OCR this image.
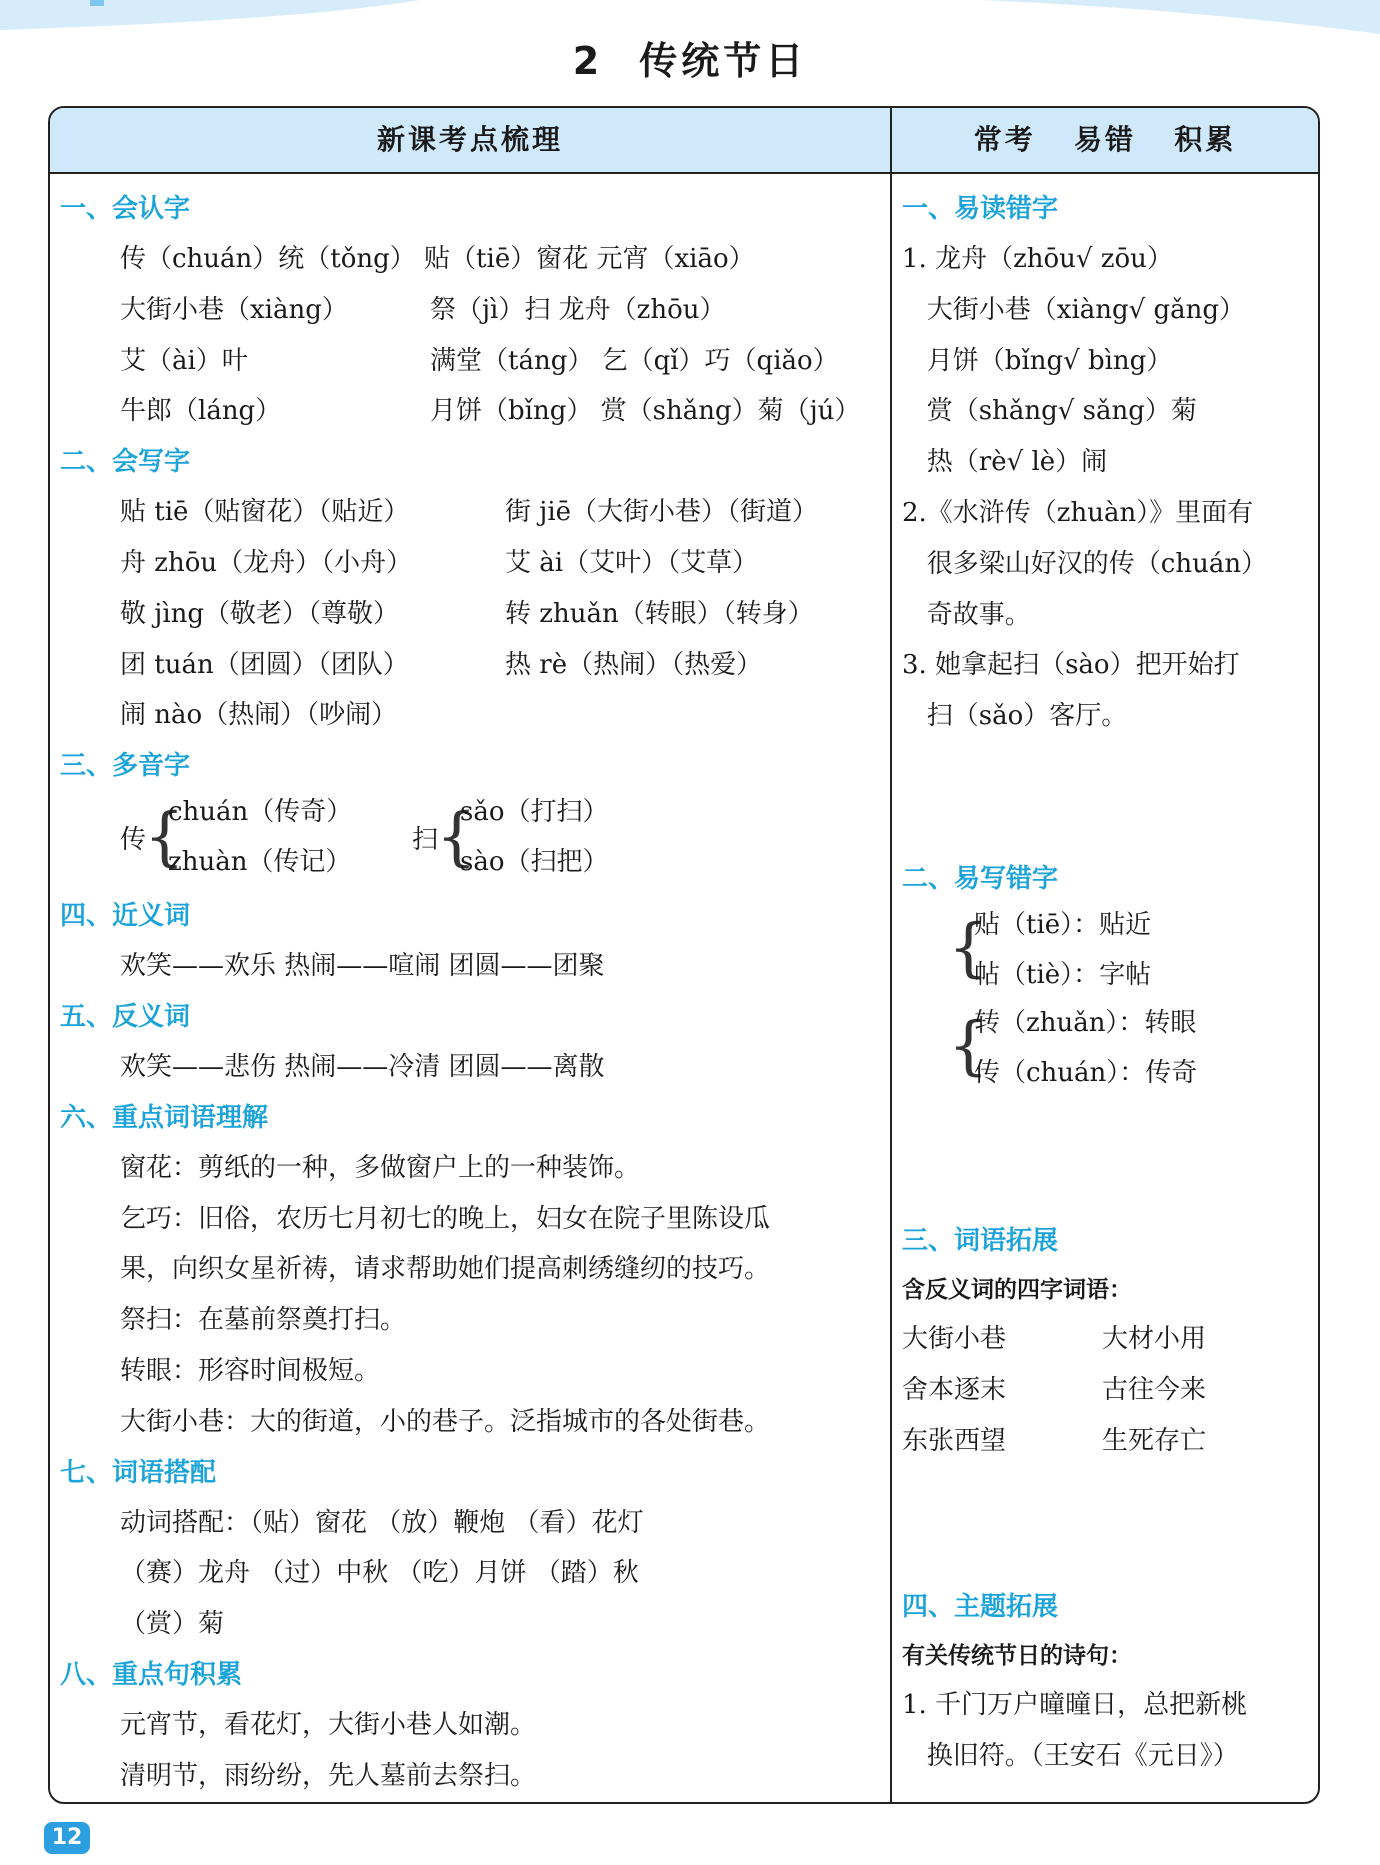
2 传统节日
新课考点梳理
一、会认字
传（chuán）统（tǒng） 贴（tiē）窗花 元宵（xiāo）
大街小巷（xiàng）	祭（jì）扫 龙舟（zhōu）
艾（ài）叶	满堂（táng） 乞（qǐ）巧（qiǎo）
牛郎（láng）	月饼（bǐng） 赏（shǎng）菊（jú）
二、会写字
贴 tiē（贴窗花）（贴近）	街 jiē（大街小巷）（街道）
舟 zhōu（龙舟）（小舟）	艾 ài（艾叶）（艾草）
敬 jìng（敬老）（尊敬）	转 zhuǎn（转眼）（转身）
团 tuán（团圆）（团队）	热 rè（热闹）（热爱）
闹 nào（热闹）（吵闹）
三、多音字
传
{
chuán（传奇）
zhuàn（传记）
扫
{
sǎo（打扫）
sào（扫把）
四、近义词
欢笑——欢乐 热闹——喧闹 团圆——团聚
五、反义词
欢笑——悲伤 热闹——冷清 团圆——离散
六、重点词语理解
窗花：剪纸的一种，多做窗户上的一种装饰。
乞巧：旧俗，农历七月初七的晚上，妇女在院子里陈设瓜
果，向织女星祈祷，请求帮助她们提高刺绣缝纫的技巧。
祭扫：在墓前祭奠打扫。
转眼：形容时间极短。
大街小巷：大的街道，小的巷子。泛指城市的各处街巷。
七、词语搭配
动词搭配：（贴）窗花 （放）鞭炮 （看）花灯
（赛）龙舟 （过）中秋 （吃）月饼 （踏）秋
（赏）菊
八、重点句积累
元宵节，看花灯，大街小巷人如潮。
清明节，雨纷纷，先人墓前去祭扫。
常考   易错   积累
一、易读错字
1. 龙舟（zhōu√ zōu）
大街小巷（xiàng√ gǎng）
月饼（bǐng√ bìng）
赏（shǎng√ sǎng）菊
热（rè√ lè）闹
2.《水浒传（zhuàn）》里面有
很多梁山好汉的传（chuán）
奇故事。
3. 她拿起扫（sào）把开始打
扫（sǎo）客厅。
二、易写错字
{
贴（tiē）：贴近
帖（tiè）：字帖
{
转（zhuǎn）：转眼
传（chuán）：传奇
三、词语拓展
含反义词的四字词语：
大街小巷	大材小用
舍本逐末	古往今来
东张西望	生死存亡
四、主题拓展
有关传统节日的诗句：
1. 千门万户曈曈日，总把新桃
换旧符。（王安石《元日》）
12
